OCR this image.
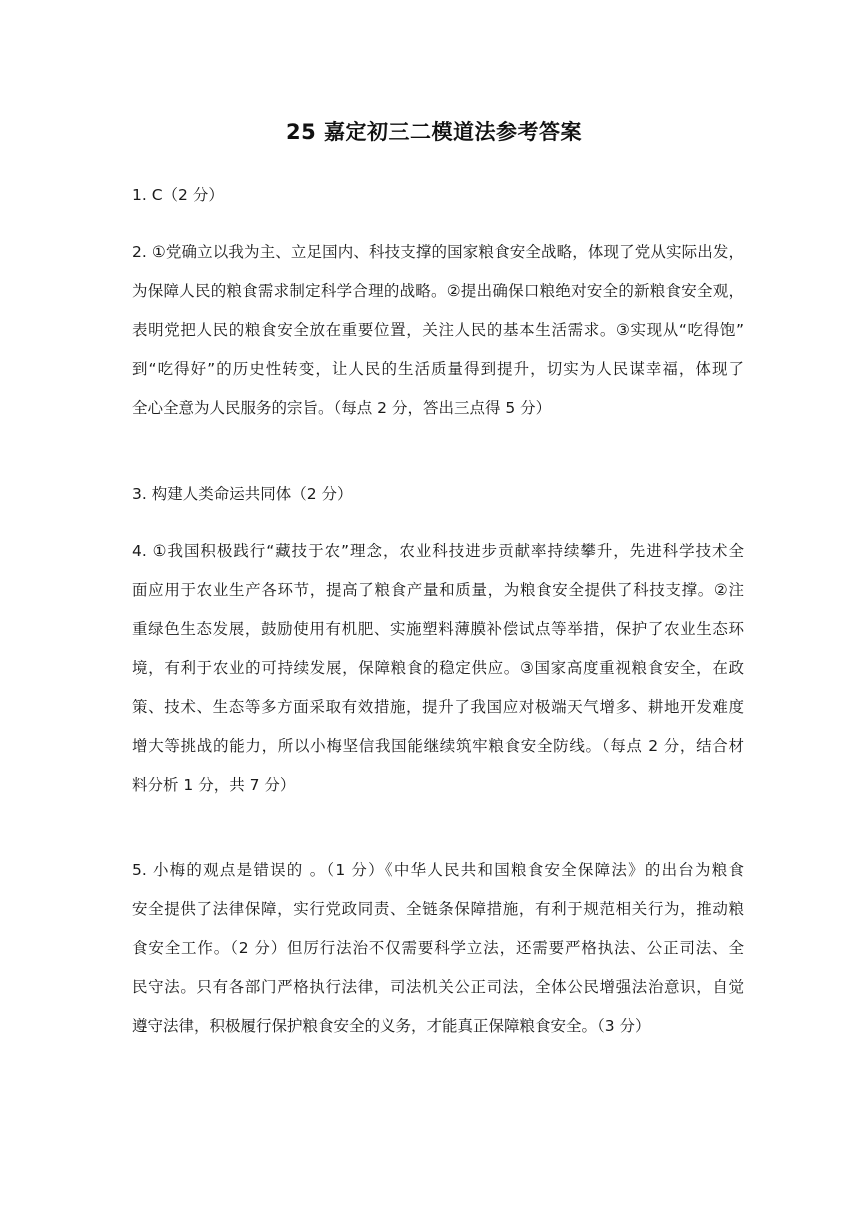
25 嘉定初三二模道法参考答案
1. C（2 分）
2. ①党确立以我为主、立足国内、科技支撑的国家粮食安全战略，体现了党从实际出发，
为保障人民的粮食需求制定科学合理的战略。②提出确保口粮绝对安全的新粮食安全观，
表明党把人民的粮食安全放在重要位置，关注人民的基本生活需求。③实现从“吃得饱”
到“吃得好”的历史性转变，让人民的生活质量得到提升，切实为人民谋幸福，体现了
全心全意为人民服务的宗旨。（每点 2 分，答出三点得 5 分）
3. 构建人类命运共同体（2 分）
4. ①我国积极践行“藏技于农”理念，农业科技进步贡献率持续攀升，先进科学技术全
面应用于农业生产各环节，提高了粮食产量和质量，为粮食安全提供了科技支撑。②注
重绿色生态发展，鼓励使用有机肥、实施塑料薄膜补偿试点等举措，保护了农业生态环
境，有利于农业的可持续发展，保障粮食的稳定供应。③国家高度重视粮食安全，在政
策、技术、生态等多方面采取有效措施，提升了我国应对极端天气增多、耕地开发难度
增大等挑战的能力，所以小梅坚信我国能继续筑牢粮食安全防线。（每点 2 分，结合材
料分析 1 分，共 7 分）
5. 小梅的观点是错误的 。（1 分）《中华人民共和国粮食安全保障法》的出台为粮食
安全提供了法律保障，实行党政同责、全链条保障措施，有利于规范相关行为，推动粮
食安全工作。（2 分）但厉行法治不仅需要科学立法，还需要严格执法、公正司法、全
民守法。只有各部门严格执行法律，司法机关公正司法，全体公民增强法治意识，自觉
遵守法律，积极履行保护粮食安全的义务，才能真正保障粮食安全。（3 分）
